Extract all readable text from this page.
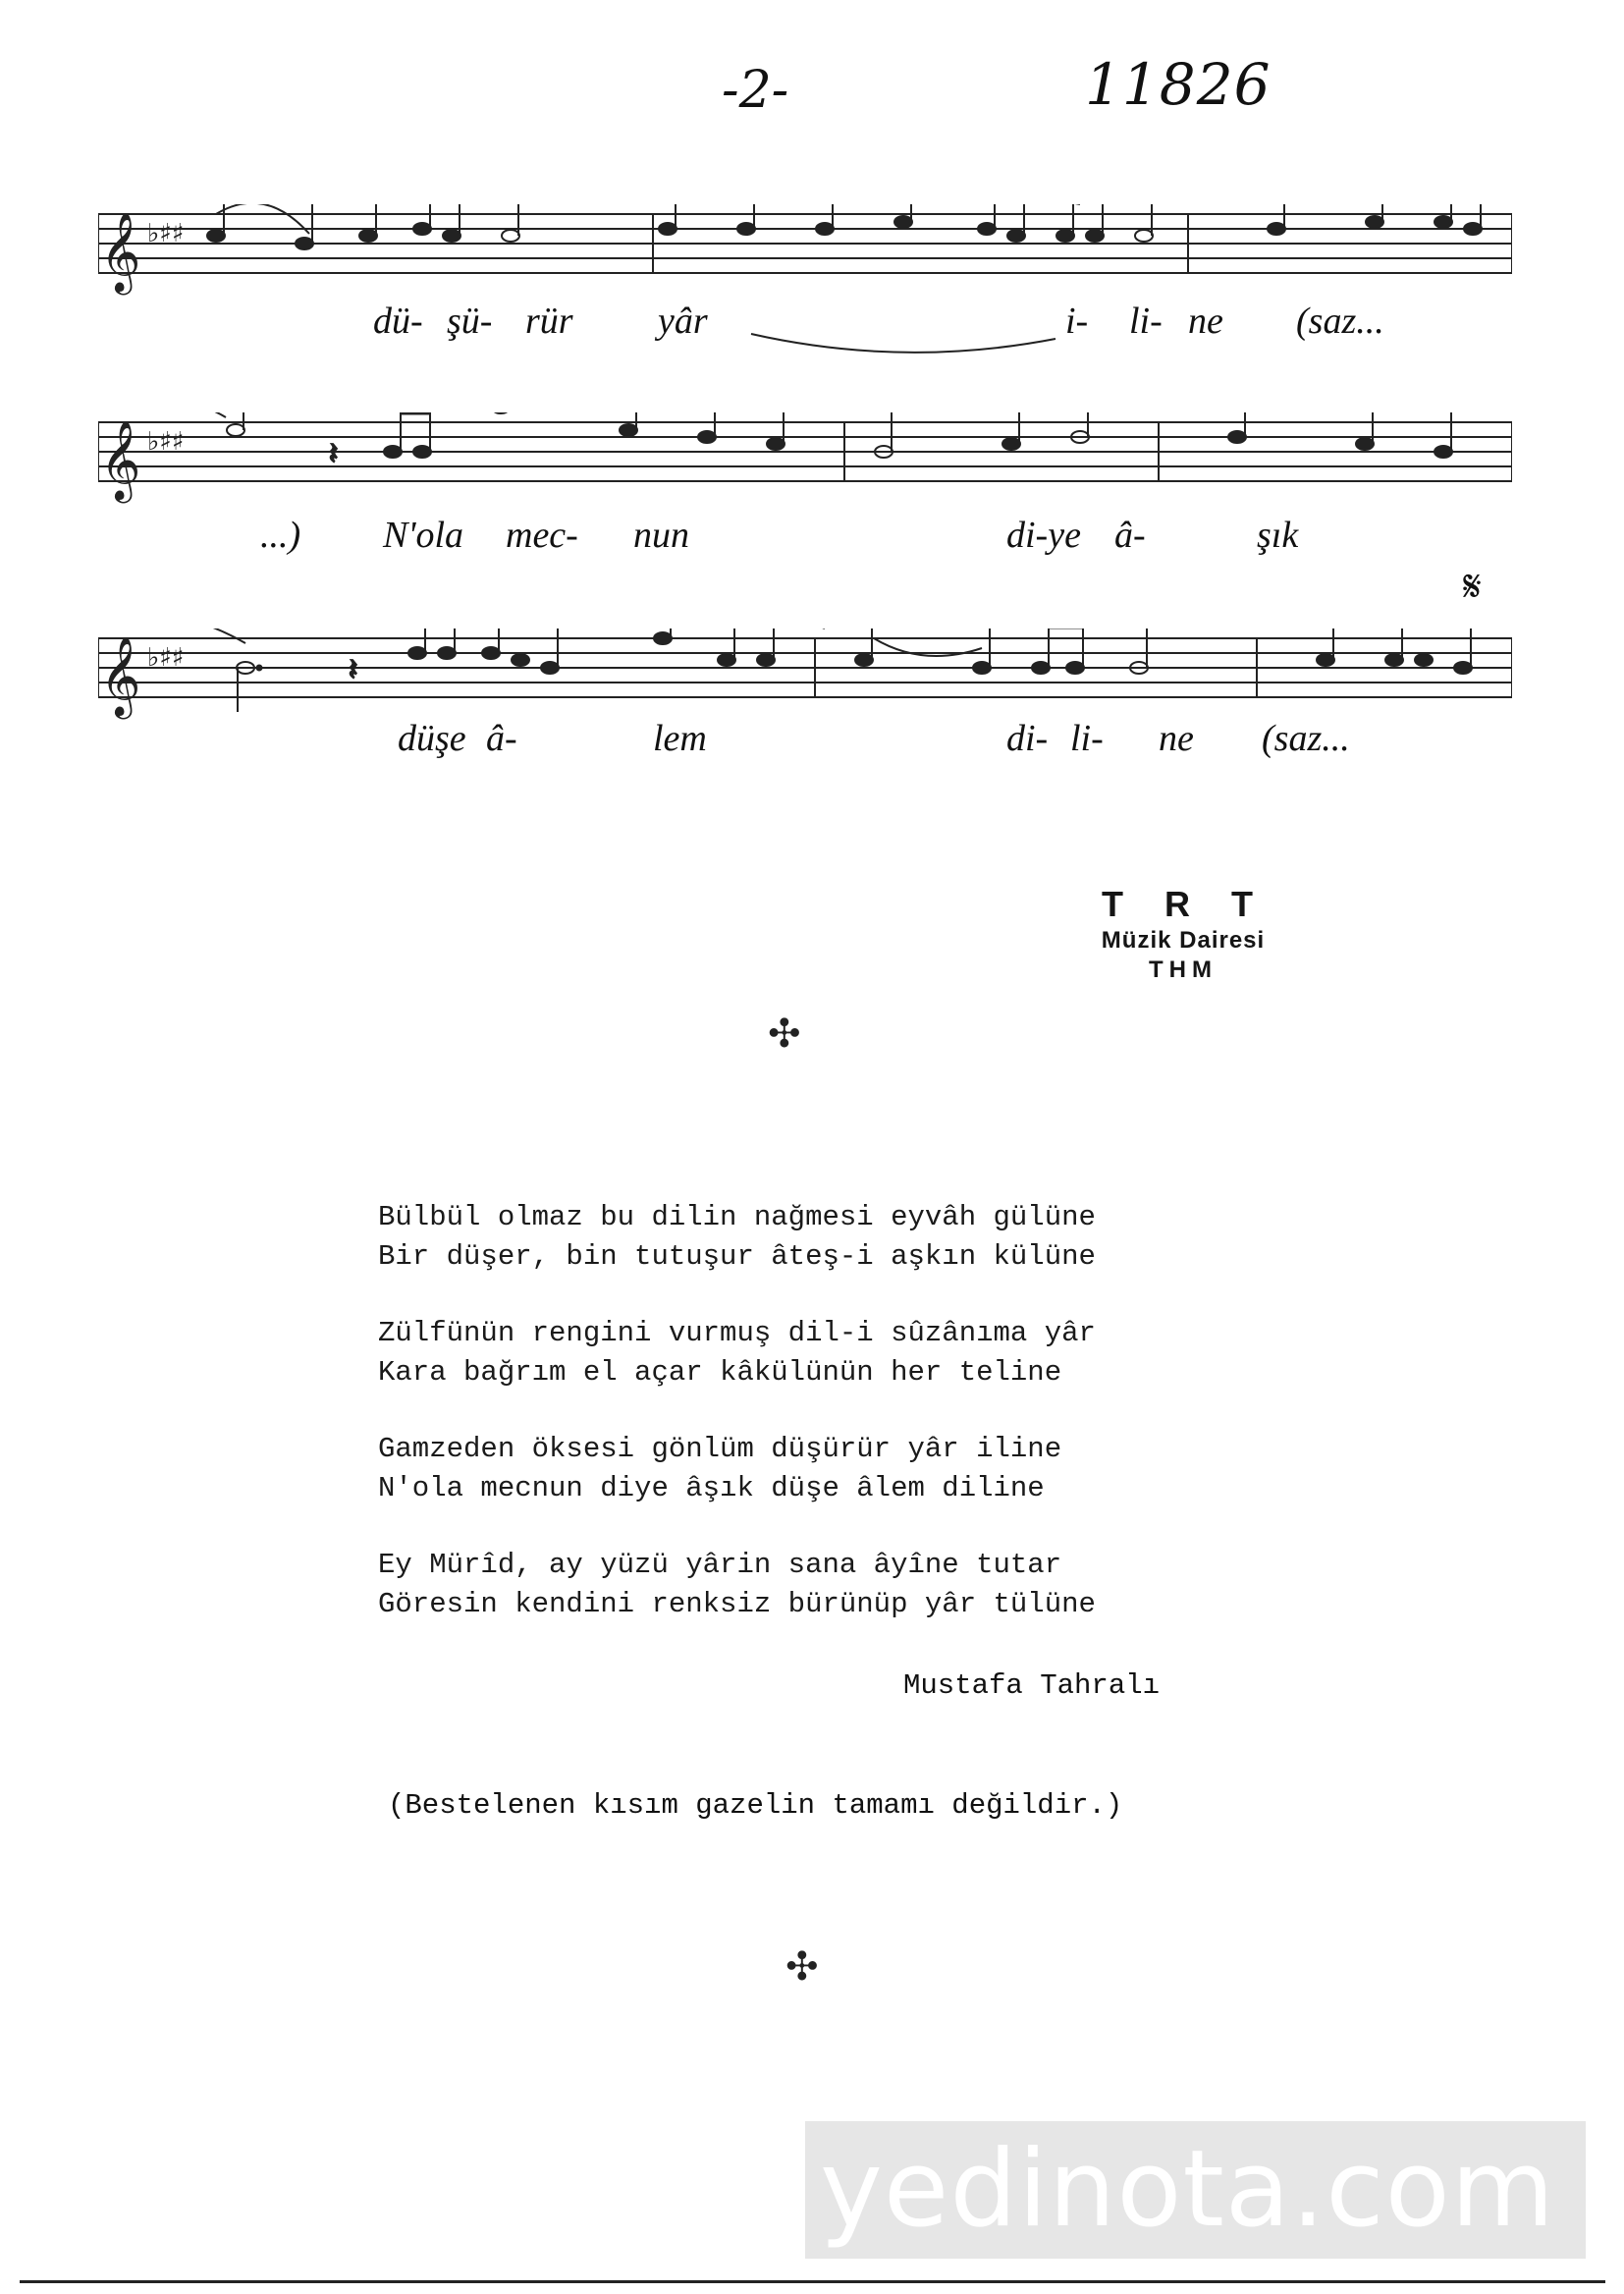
-2-	11826
𝄞 ♭♯♯
dü- şü- rür yâr	i- li- ne (saz...
𝄞 ♭♯♯	𝄽
...) N'ola mec- nun	di-ye â-	şık
𝄋
𝄞 ♭♯♯	𝄽
düşe â-	lem	di- li- ne (saz...
TRT
Müzik Dairesi
THM
✣
Bülbül olmaz bu dilin nağmesi eyvâh gülüne
Bir düşer, bin tutuşur âteş-i aşkın külüne
Zülfünün rengini vurmuş dil-i sûzânıma yâr
Kara bağrım el açar kâkülünün her teline
Gamzeden öksesi gönlüm düşürür yâr iline
N'ola mecnun diye âşık düşe âlem diline
Ey Mürîd, ay yüzü yârin sana âyîne tutar
Göresin kendini renksiz bürünüp yâr tülüne
Mustafa Tahralı
(Bestelenen kısım gazelin tamamı değildir.)
✣
yedinota.com
